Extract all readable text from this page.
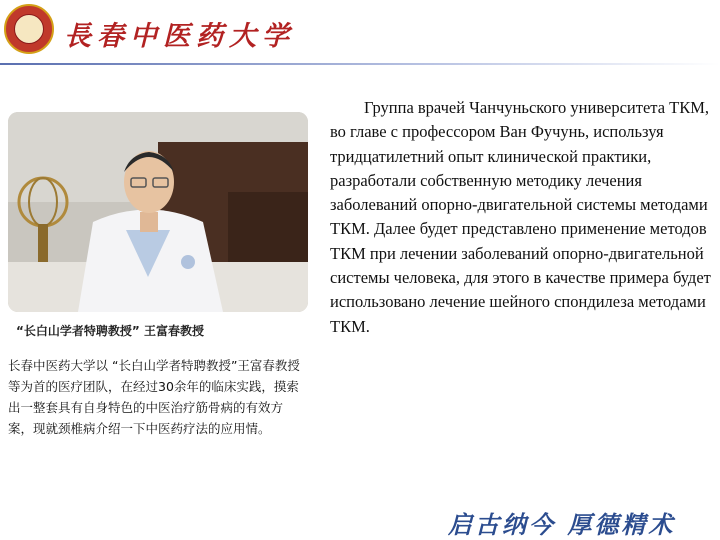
長春中医药大学
“长白山学者特聘教授” 王富春教授
长春中医药大学以 “长白山学者特聘教授”王富春教授等为首的医疗团队，在经过30余年的临床实践，摸索出一整套具有自身特色的中医治疗筋骨病的有效方案，现就颈椎病介绍一下中医药疗法的应用情。
Группа врачей Чанчуньского университета ТКМ, во главе с профессором Ван Фучунь, используя тридцатилетний опыт клинической практики, разработали собственную методику лечения заболеваний опорно-двигательной системы методами ТКМ. Далее будет представлено применение методов ТКМ при лечении заболеваний опорно-двигательной системы человека, для этого в качестве примера будет использовано лечение шейного спондилеза методами ТКМ.
启古纳今 厚德精术
